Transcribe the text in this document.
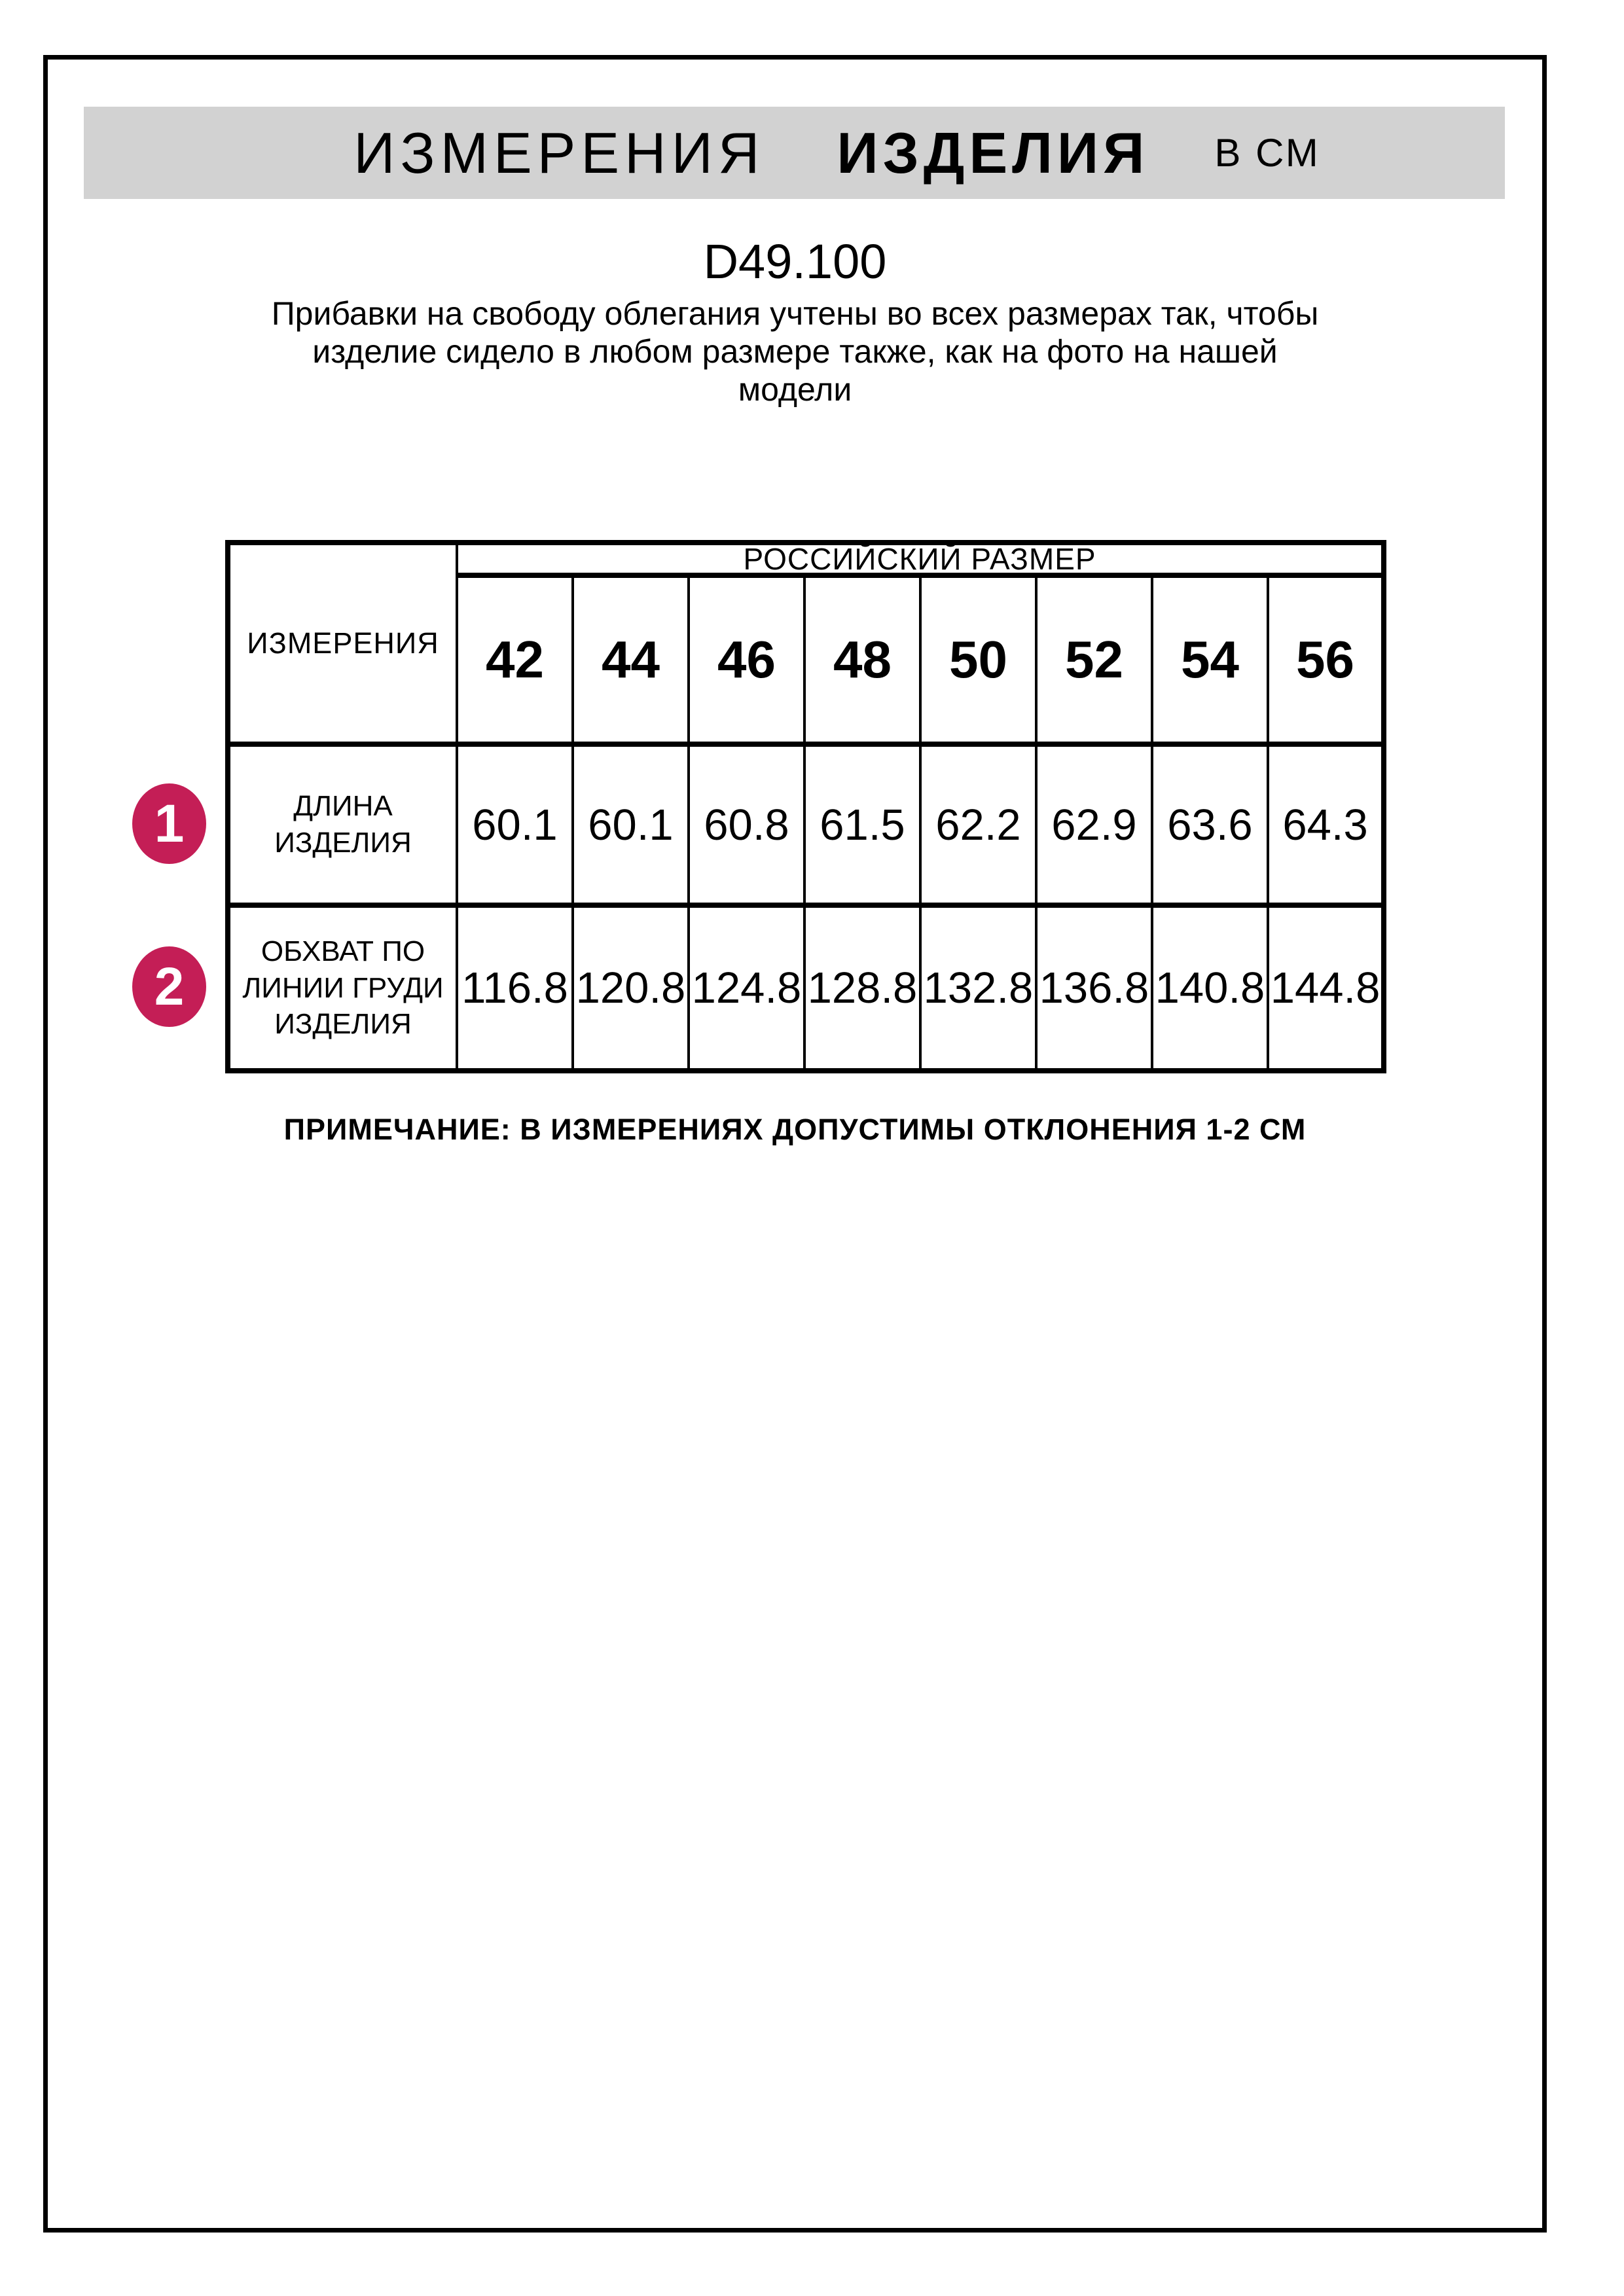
ИЗМЕРЕНИЯ ИЗДЕЛИЯ В СМ
D49.100
Прибавки на свободу облегания учтены во всех размерах так, чтобы
изделие сидело в любом размере также, как на фото на нашей
модели
ИЗМЕРЕНИЯ	РОССИЙСКИЙ РАЗМЕР							
	42	44	46	48	50	52	54	56
ДЛИНА ИЗДЕЛИЯ	60.1	60.1	60.8	61.5	62.2	62.9	63.6	64.3
ОБХВАТ ПО ЛИНИИ ГРУДИ ИЗДЕЛИЯ	116.8	120.8	124.8	128.8	132.8	136.8	140.8	144.8
1
2
ПРИМЕЧАНИЕ: В ИЗМЕРЕНИЯХ ДОПУСТИМЫ ОТКЛОНЕНИЯ 1-2 СМ
